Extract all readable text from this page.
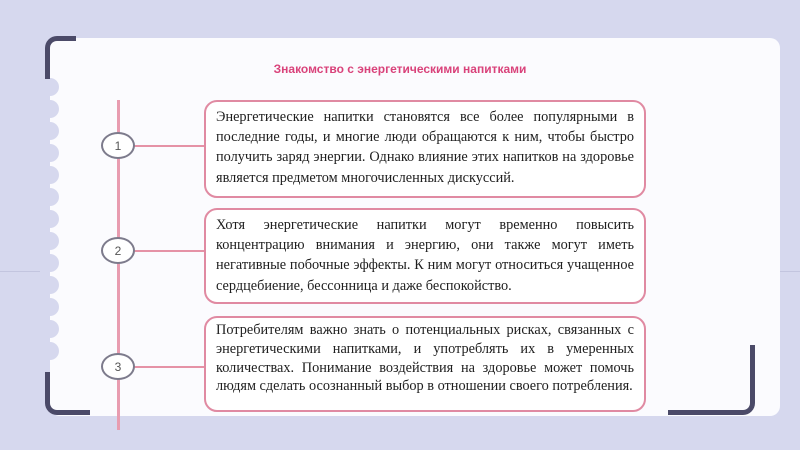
Знакомство с энергетическими напитками
1
Энергетические напитки становятся все более популярными в последние годы, и многие люди обращаются к ним, чтобы быстро получить заряд энергии. Однако влияние этих напитков на здоровье является предметом многочисленных дискуссий.
2
Хотя энергетические напитки могут временно повысить концентрацию внимания и энергию, они также могут иметь негативные побочные эффекты. К ним могут относиться учащенное сердцебиение, бессонница и даже беспокойство.
3
Потребителям важно знать о потенциальных рисках, связанных с энергетическими напитками, и употреблять их в умеренных количествах. Понимание воздействия на здоровье может помочь людям сделать осознанный выбор в отношении своего потребления.
